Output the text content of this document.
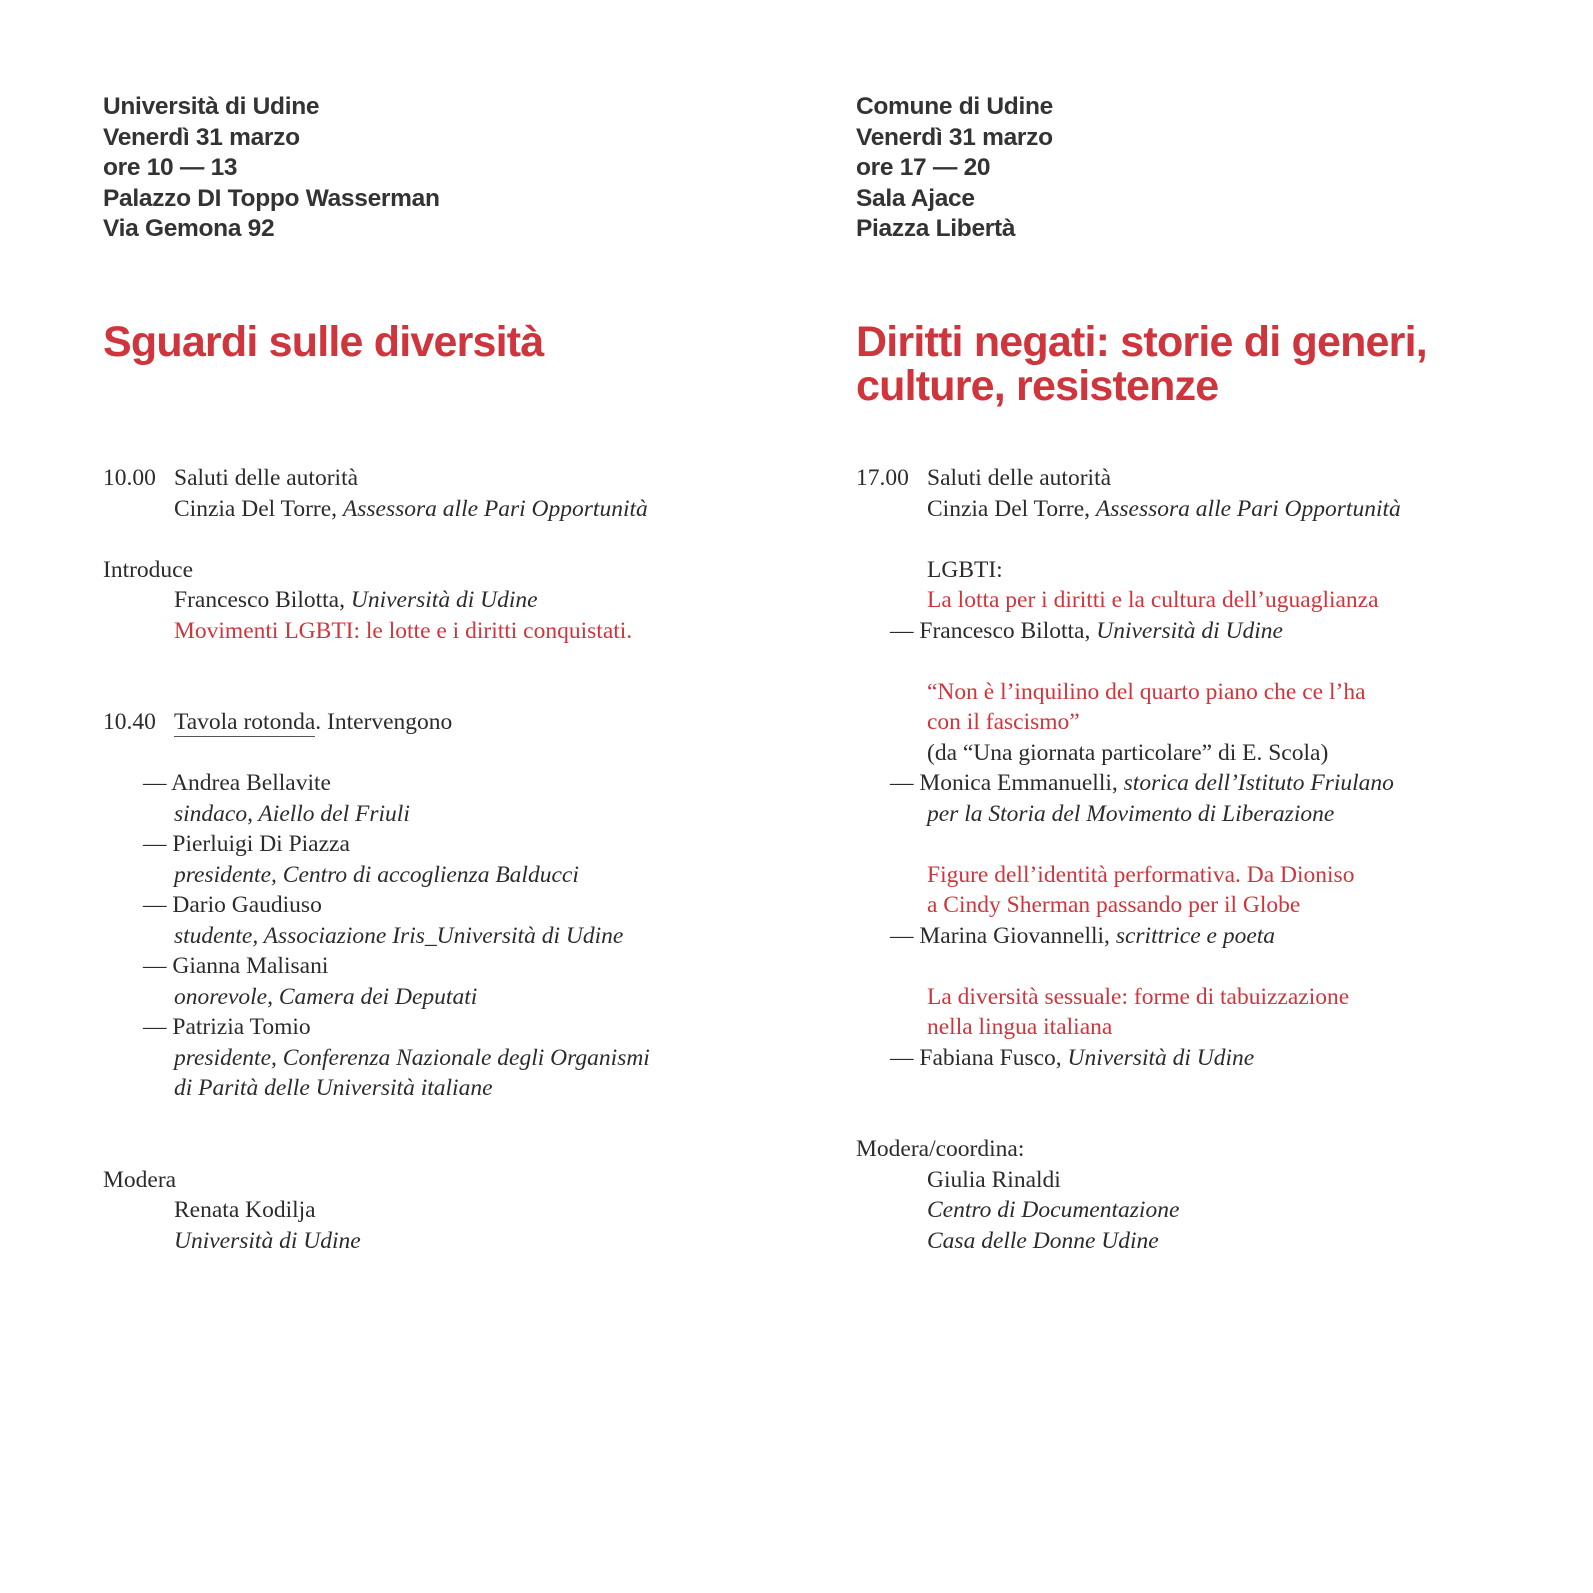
Università di Udine
Venerdì 31 marzo
ore 10 — 13
Palazzo DI Toppo Wasserman
Via Gemona 92
Sguardi sulle diversità
10.00 Saluti delle autorità
Cinzia Del Torre, Assessora alle Pari Opportunità
Introduce
Francesco Bilotta, Università di Udine
Movimenti LGBTI: le lotte e i diritti conquistati.
10.40 Tavola rotonda. Intervengono
— Andrea Bellavite
sindaco, Aiello del Friuli
— Pierluigi Di Piazza
presidente, Centro di accoglienza Balducci
— Dario Gaudiuso
studente, Associazione Iris_Università di Udine
— Gianna Malisani
onorevole, Camera dei Deputati
— Patrizia Tomio
presidente, Conferenza Nazionale degli Organismi
di Parità delle Università italiane
Modera
Renata Kodilja
Università di Udine
Comune di Udine
Venerdì 31 marzo
ore 17 — 20
Sala Ajace
Piazza Libertà
Diritti negati: storie di generi,
culture, resistenze
17.00 Saluti delle autorità
Cinzia Del Torre, Assessora alle Pari Opportunità
LGBTI:
La lotta per i diritti e la cultura dell’uguaglianza
— Francesco Bilotta, Università di Udine
“Non è l’inquilino del quarto piano che ce l’ha
con il fascismo”
(da “Una giornata particolare” di E. Scola)
— Monica Emmanuelli, storica dell’Istituto Friulano
per la Storia del Movimento di Liberazione
Figure dell’identità performativa. Da Dioniso
a Cindy Sherman passando per il Globe
— Marina Giovannelli, scrittrice e poeta
La diversità sessuale: forme di tabuizzazione
nella lingua italiana
— Fabiana Fusco, Università di Udine
Modera/coordina:
Giulia Rinaldi
Centro di Documentazione
Casa delle Donne Udine
